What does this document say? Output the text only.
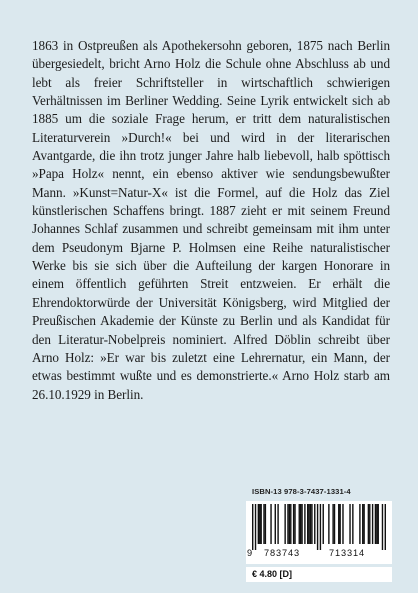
1863 in Ostpreußen als Apothekersohn geboren, 1875 nach Berlin übergesiedelt, bricht Arno Holz die Schule ohne Abschluss ab und lebt als freier Schriftsteller in wirtschaftlich schwierigen Verhältnissen im Berliner Wedding. Seine Lyrik entwickelt sich ab 1885 um die soziale Frage herum, er tritt dem naturalistischen Literaturverein »Durch!« bei und wird in der literarischen Avantgarde, die ihn trotz junger Jahre halb liebevoll, halb spöttisch »Papa Holz« nennt, ein ebenso aktiver wie sendungsbewußter Mann. »Kunst=Natur-X« ist die Formel, auf die Holz das Ziel künstlerischen Schaffens bringt. 1887 zieht er mit seinem Freund Johannes Schlaf zusammen und schreibt gemeinsam mit ihm unter dem Pseudonym Bjarne P. Holmsen eine Reihe naturalistischer Werke bis sie sich über die Aufteilung der kargen Honorare in einem öffentlich geführten Streit entzweien. Er erhält die Ehrendoktorwürde der Universität Königsberg, wird Mitglied der Preußischen Akademie der Künste zu Berlin und als Kandidat für den Literatur-Nobelpreis nominiert. Alfred Döblin schreibt über Arno Holz: »Er war bis zuletzt eine Lehrernatur, ein Mann, der etwas bestimmt wußte und es demonstrierte.« Arno Holz starb am 26.10.1929 in Berlin.

ISBN-13 978-3-7437-1331-4
9 783743	713314
€ 4.80 [D]
